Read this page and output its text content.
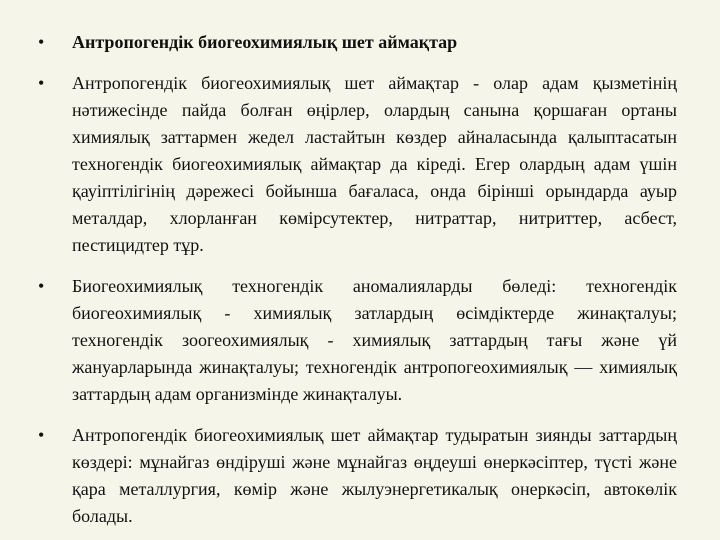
•	Антропогендік биогеохимиялық шет аймақтар

•	Антропогендік биогеохимиялық шет аймақтар - олар адам қызметінің нәтижесінде пайда болған өңірлер, олардың санына қоршаған ортаны химиялық заттармен жедел ластайтын көздер айналасында қалыптасатын техногендік биогеохимиялық аймақтар да кіреді. Егер олардың адам үшін қауіптілігінің дәрежесі бойынша бағаласа, онда бірінші орындарда ауыр металдар, хлорланған көмірсутектер, нитраттар, нитриттер, асбест, пестицидтер тұр.

•	Биогеохимиялық техногендік аномалияларды бөледі: техногендік биогеохимиялық - химиялық затлардың өсімдіктерде жинақталуы; техногендік зоогеохимиялық - химиялық заттардың тағы және үй жануарларында жинақталуы; техногендік антропогеохимиялық — химиялық заттардың адам организмінде жинақталуы.

•	Антропогендік биогеохимиялық шет аймақтар тудыратын зиянды заттардың көздері: мұнайгаз өндіруші және мұнайгаз өңдеуші өнеркәсіптер, түсті және қара металлургия, көмір және жылуэнергетикалық онеркәсіп, автокөлік болады.
